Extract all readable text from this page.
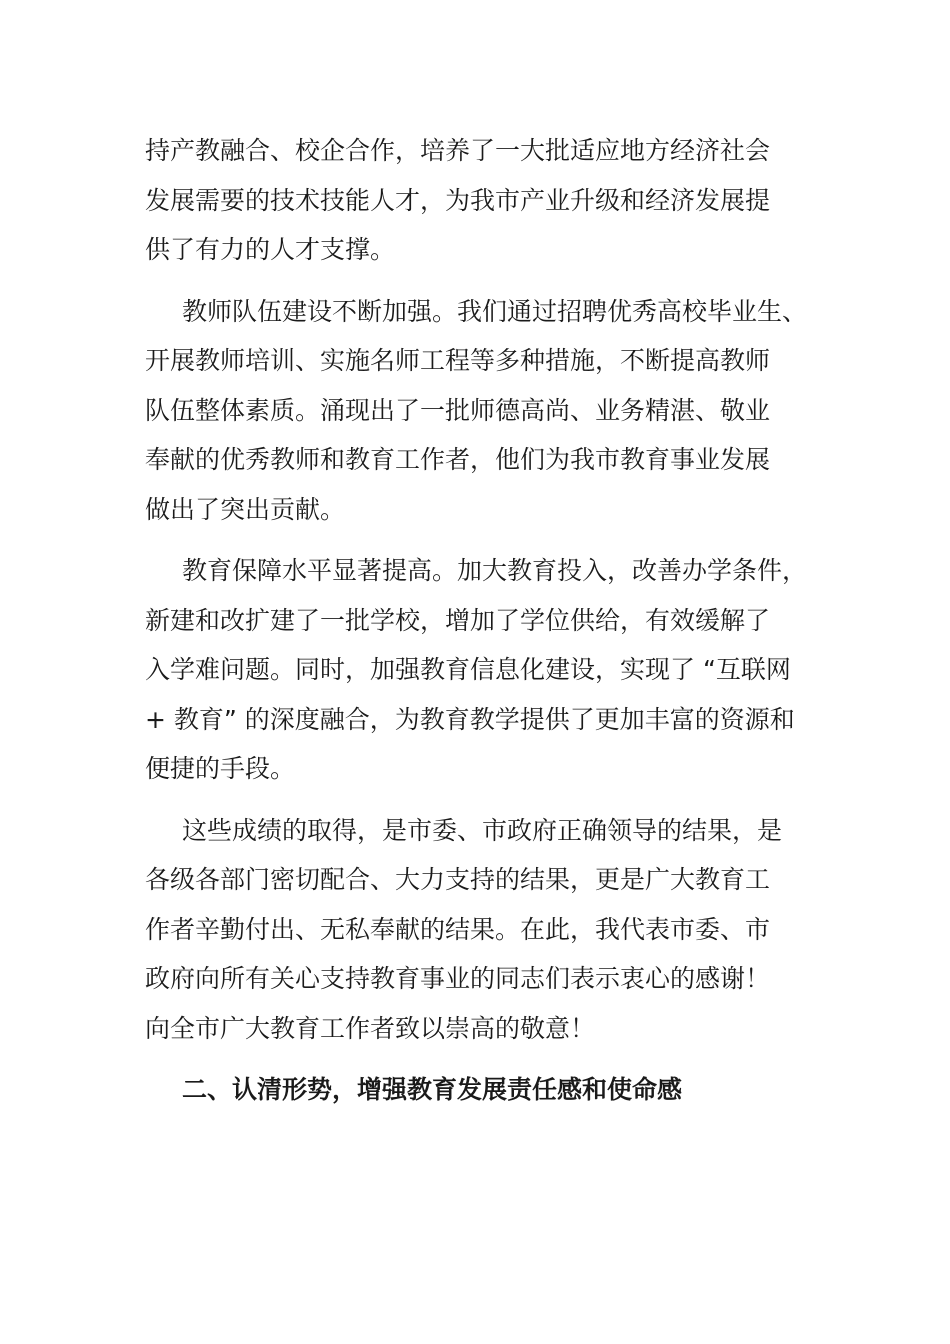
持产教融合、校企合作，培养了一大批适应地方经济社会
发展需要的技术技能人才，为我市产业升级和经济发展提
供了有力的人才支撑。
教师队伍建设不断加强。我们通过招聘优秀高校毕业生、
开展教师培训、实施名师工程等多种措施，不断提高教师
队伍整体素质。涌现出了一批师德高尚、业务精湛、敬业
奉献的优秀教师和教育工作者，他们为我市教育事业发展
做出了突出贡献。
教育保障水平显著提高。加大教育投入，改善办学条件，
新建和改扩建了一批学校，增加了学位供给，有效缓解了
入学难问题。同时，加强教育信息化建设，实现了 “互联网
+ 教育” 的深度融合，为教育教学提供了更加丰富的资源和
便捷的手段。
这些成绩的取得，是市委、市政府正确领导的结果，是
各级各部门密切配合、大力支持的结果，更是广大教育工
作者辛勤付出、无私奉献的结果。在此，我代表市委、市
政府向所有关心支持教育事业的同志们表示衷心的感谢！
向全市广大教育工作者致以崇高的敬意！
二、认清形势，增强教育发展责任感和使命感
